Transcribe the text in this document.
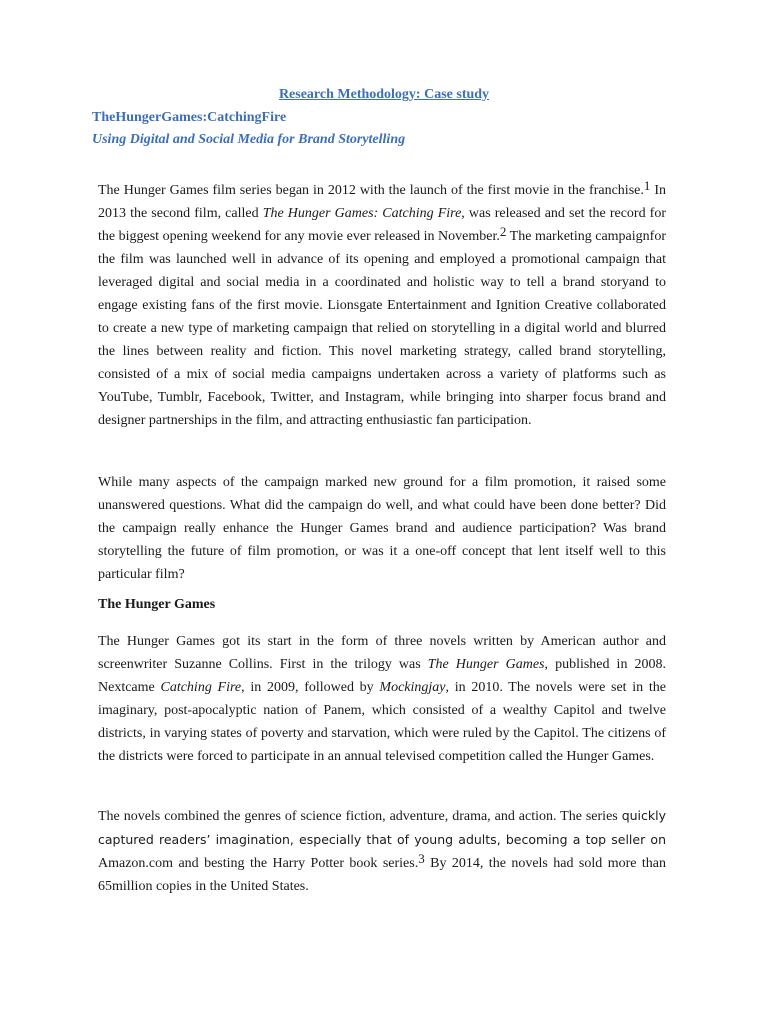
Research Methodology: Case study
TheHungerGames:CatchingFire
Using Digital and Social Media for Brand Storytelling

The Hunger Games film series began in 2012 with the launch of the first movie in the franchise.$^1$ In 2013 the second film, called The Hunger Games: Catching Fire, was released and set the record for the biggest opening weekend for any movie ever released in November.$^2$ The marketing campaignfor the film was launched well in advance of its opening and employed a promotional campaign that leveraged digital and social media in a coordinated and holistic way to tell a brand storyand to engage existing fans of the first movie. Lionsgate Entertainment and Ignition Creative collaborated to create a new type of marketing campaign that relied on storytelling in a digital world and blurred the lines between reality and fiction. This novel marketing strategy, called brand storytelling, consisted of a mix of social media campaigns undertaken across a variety of platforms such as YouTube, Tumblr, Facebook, Twitter, and Instagram, while bringing into sharper focus brand and designer partnerships in the film, and attracting enthusiastic fan participation.

While many aspects of the campaign marked new ground for a film promotion, it raised some unanswered questions. What did the campaign do well, and what could have been done better? Did the campaign really enhance the Hunger Games brand and audience participation? Was brand storytelling the future of film promotion, or was it a one-off concept that lent itself well to this particular film?

The Hunger Games

The Hunger Games got its start in the form of three novels written by American author and screenwriter Suzanne Collins. First in the trilogy was The Hunger Games, published in 2008. Nextcame Catching Fire, in 2009, followed by Mockingjay, in 2010. The novels were set in the imaginary, post-apocalyptic nation of Panem, which consisted of a wealthy Capitol and twelve districts, in varying states of poverty and starvation, which were ruled by the Capitol. The citizens of the districts were forced to participate in an annual televised competition called the Hunger Games.

The novels combined the genres of science fiction, adventure, drama, and action. The series quickly captured readers’ imagination, especially that of young adults, becoming a top seller on Amazon.com and besting the Harry Potter book series.$^3$ By 2014, the novels had sold more than 65million copies in the United States.
